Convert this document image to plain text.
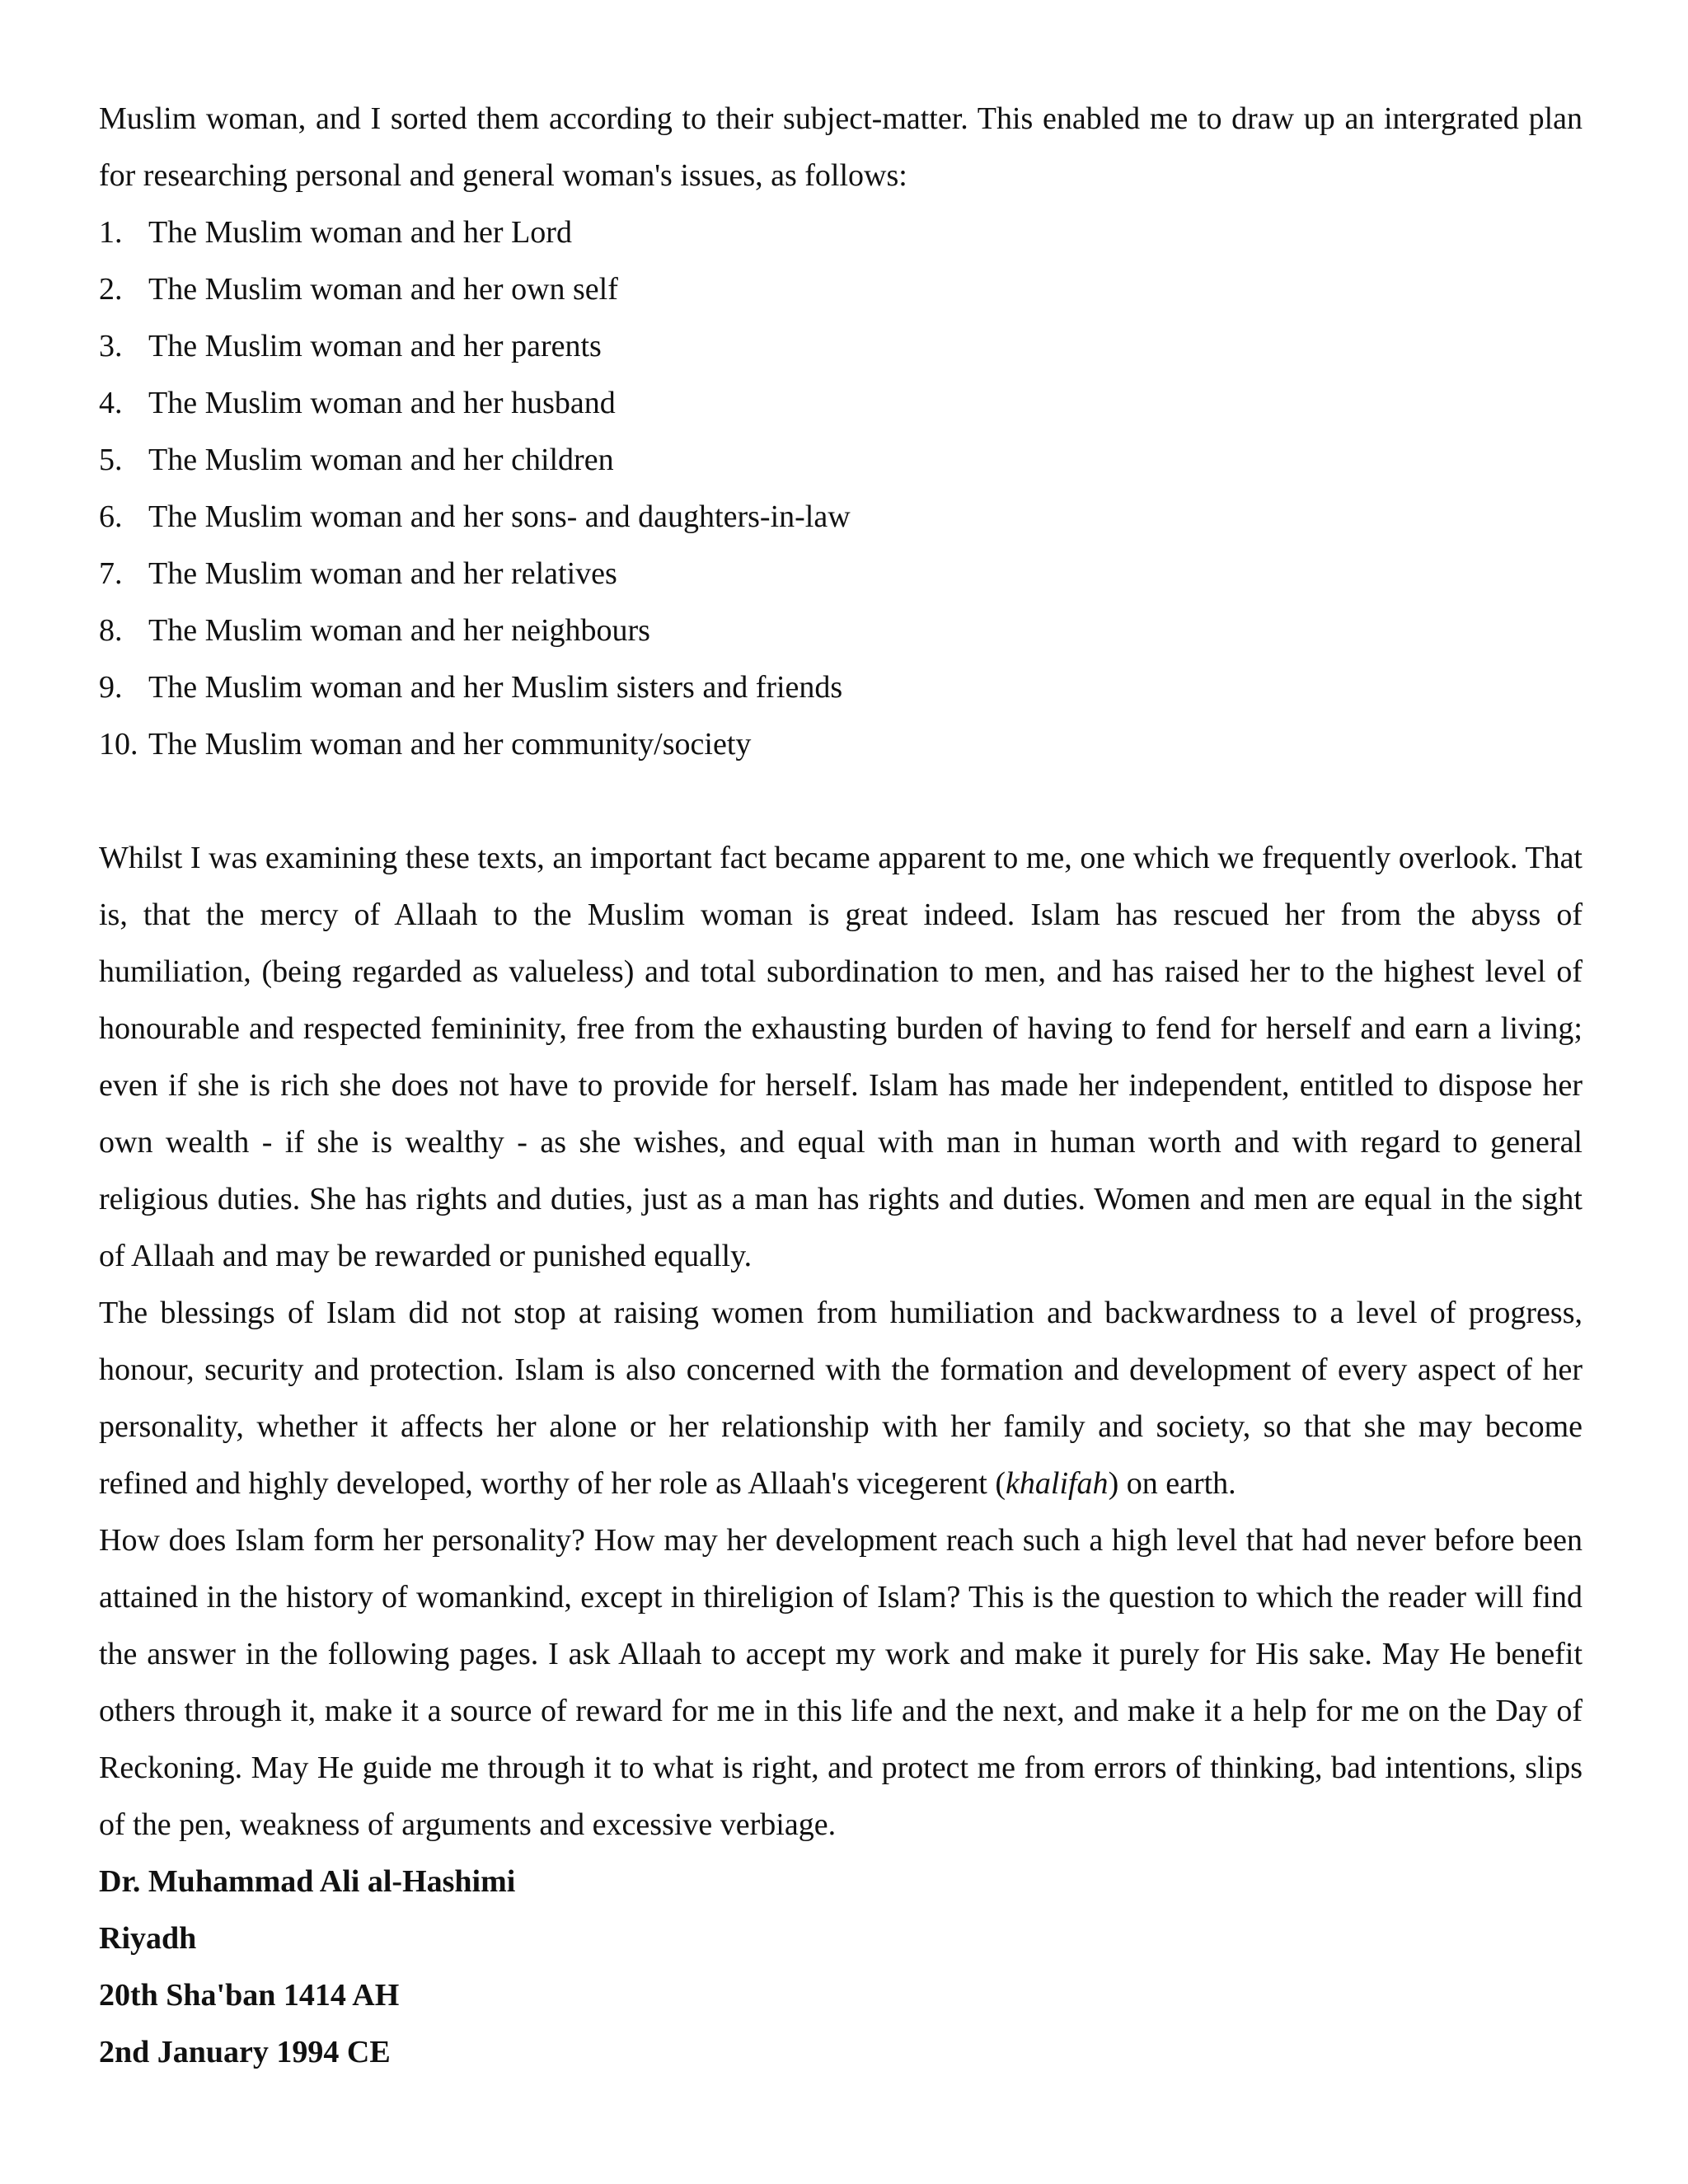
Muslim woman, and I sorted them according to their subject-matter. This enabled me to draw up an intergrated plan for researching personal and general woman's issues, as follows:

1. The Muslim woman and her Lord
2. The Muslim woman and her own self
3. The Muslim woman and her parents
4. The Muslim woman and her husband
5. The Muslim woman and her children
6. The Muslim woman and her sons- and daughters-in-law
7. The Muslim woman and her relatives
8. The Muslim woman and her neighbours
9. The Muslim woman and her Muslim sisters and friends
10. The Muslim woman and her community/society

Whilst I was examining these texts, an important fact became apparent to me, one which we frequently overlook. That is, that the mercy of Allaah to the Muslim woman is great indeed. Islam has rescued her from the abyss of humiliation, (being regarded as valueless) and total subordination to men, and has raised her to the highest level of honourable and respected femininity, free from the exhausting burden of having to fend for herself and earn a living; even if she is rich she does not have to provide for herself. Islam has made her independent, entitled to dispose her own wealth - if she is wealthy - as she wishes, and equal with man in human worth and with regard to general religious duties. She has rights and duties, just as a man has rights and duties. Women and men are equal in the sight of Allaah and may be rewarded or punished equally.

The blessings of Islam did not stop at raising women from humiliation and backwardness to a level of progress, honour, security and protection. Islam is also concerned with the formation and development of every aspect of her personality, whether it affects her alone or her relationship with her family and society, so that she may become refined and highly developed, worthy of her role as Allaah's vicegerent (khalifah) on earth.

How does Islam form her personality? How may her development reach such a high level that had never before been attained in the history of womankind, except in thireligion of Islam? This is the question to which the reader will find the answer in the following pages. I ask Allaah to accept my work and make it purely for His sake. May He benefit others through it, make it a source of reward for me in this life and the next, and make it a help for me on the Day of Reckoning. May He guide me through it to what is right, and protect me from errors of thinking, bad intentions, slips of the pen, weakness of arguments and excessive verbiage.

Dr. Muhammad Ali al-Hashimi

Riyadh

20th Sha'ban 1414 AH

2nd January 1994 CE
